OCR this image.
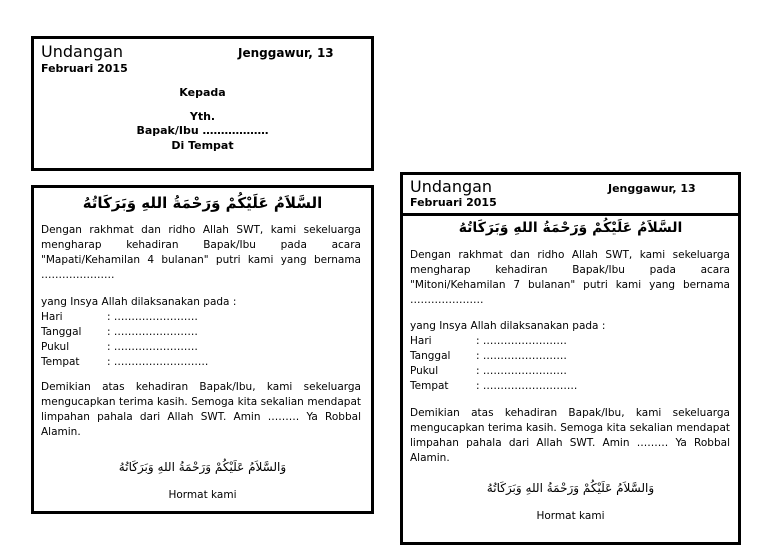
Undangan	Jenggawur, 13
Februari 2015
Kepada
Yth.
Bapak/Ibu ………………
Di Tempat
السَّلاَمُ عَلَيْكُمْ وَرَحْمَةُ اللهِ وَبَرَكَاتُهُ
Dengan rakhmat dan ridho Allah SWT, kami sekeluarga mengharap kehadiran Bapak/Ibu pada acara "Mapati/Kehamilan 4 bulanan" putri kami yang bernama …………………
yang Insya Allah dilaksanakan pada :
Hari	: ……………………
Tanggal	: ……………………
Pukul	: ……………………
Tempat	: ………………………
Demikian atas kehadiran Bapak/Ibu, kami sekeluarga mengucapkan terima kasih. Semoga kita sekalian mendapat limpahan pahala dari Allah SWT. Amin ……… Ya Robbal Alamin.
وَالسَّلاَمُ عَلَيْكُمْ وَرَحْمَةُ اللهِ وَبَرَكَاتُهُ
Hormat kami
Undangan	Jenggawur, 13
Februari 2015
السَّلاَمُ عَلَيْكُمْ وَرَحْمَةُ اللهِ وَبَرَكَاتُهُ
Dengan rakhmat dan ridho Allah SWT, kami sekeluarga mengharap kehadiran Bapak/Ibu pada acara "Mitoni/Kehamilan 7 bulanan" putri kami yang bernama …………………
yang Insya Allah dilaksanakan pada :
Hari	: ……………………
Tanggal	: ……………………
Pukul	: ……………………
Tempat	: ………………………
Demikian atas kehadiran Bapak/Ibu, kami sekeluarga mengucapkan terima kasih. Semoga kita sekalian mendapat limpahan pahala dari Allah SWT. Amin ……… Ya Robbal Alamin.
وَالسَّلاَمُ عَلَيْكُمْ وَرَحْمَةُ اللهِ وَبَرَكَاتُهُ
Hormat kami
